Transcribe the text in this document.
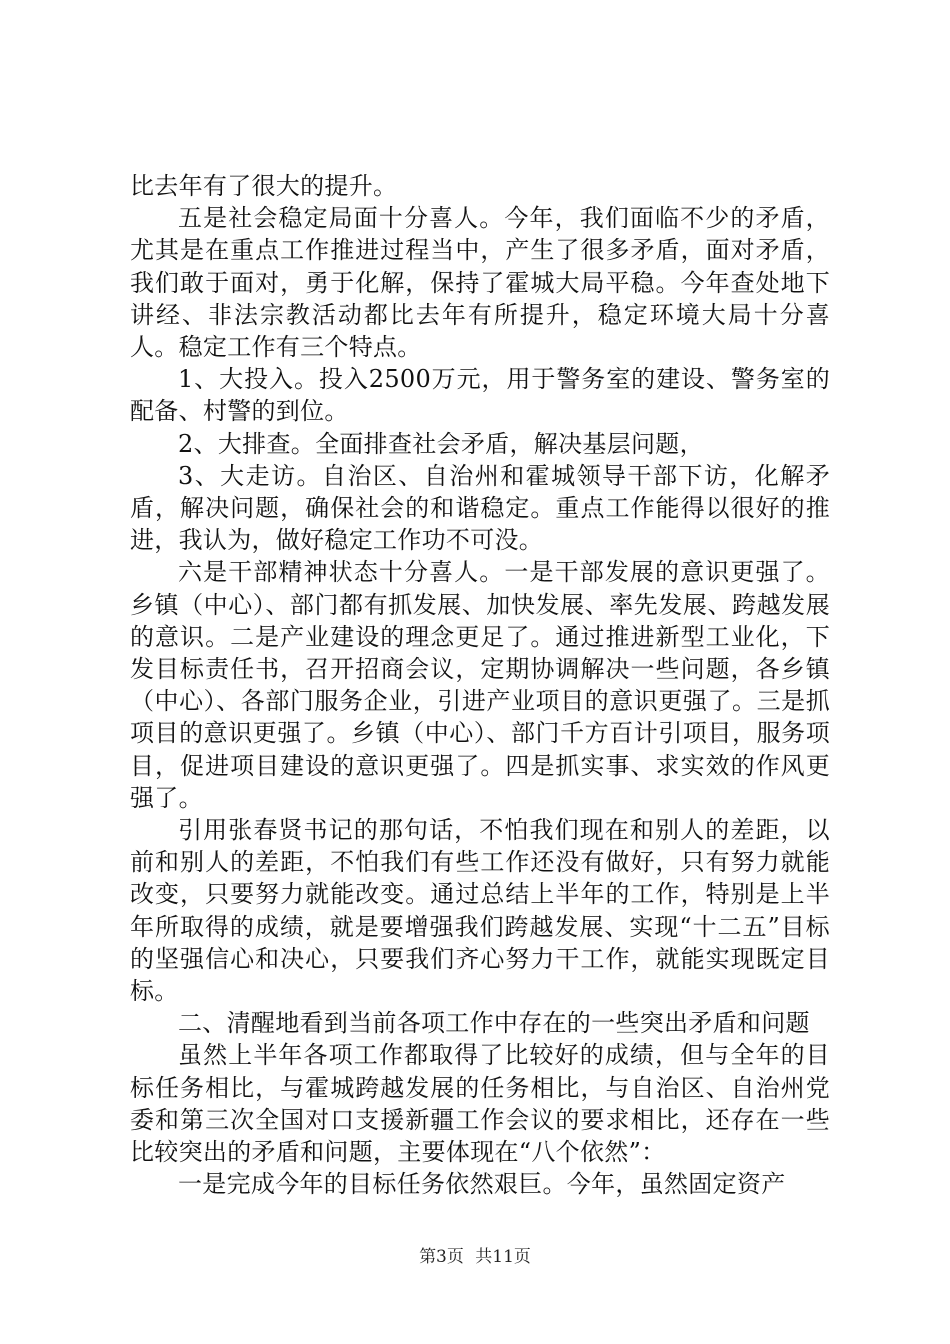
比去年有了很大的提升。

五是社会稳定局面十分喜人。今年，我们面临不少的矛盾，尤其是在重点工作推进过程当中，产生了很多矛盾，面对矛盾，我们敢于面对，勇于化解，保持了霍城大局平稳。今年查处地下讲经、非法宗教活动都比去年有所提升，稳定环境大局十分喜人。稳定工作有三个特点。

1、大投入。投入2500万元，用于警务室的建设、警务室的配备、村警的到位。

2、大排查。全面排查社会矛盾，解决基层问题，

3、大走访。自治区、自治州和霍城领导干部下访，化解矛盾，解决问题，确保社会的和谐稳定。重点工作能得以很好的推进，我认为，做好稳定工作功不可没。

六是干部精神状态十分喜人。一是干部发展的意识更强了。乡镇（中心）、部门都有抓发展、加快发展、率先发展、跨越发展的意识。二是产业建设的理念更足了。通过推进新型工业化，下发目标责任书，召开招商会议，定期协调解决一些问题，各乡镇（中心）、各部门服务企业，引进产业项目的意识更强了。三是抓项目的意识更强了。乡镇（中心）、部门千方百计引项目，服务项目，促进项目建设的意识更强了。四是抓实事、求实效的作风更强了。

引用张春贤书记的那句话，不怕我们现在和别人的差距，以前和别人的差距，不怕我们有些工作还没有做好，只有努力就能改变，只要努力就能改变。通过总结上半年的工作，特别是上半年所取得的成绩，就是要增强我们跨越发展、实现“十二五”目标的坚强信心和决心，只要我们齐心努力干工作，就能实现既定目标。

二、清醒地看到当前各项工作中存在的一些突出矛盾和问题

虽然上半年各项工作都取得了比较好的成绩，但与全年的目标任务相比，与霍城跨越发展的任务相比，与自治区、自治州党委和第三次全国对口支援新疆工作会议的要求相比，还存在一些比较突出的矛盾和问题，主要体现在“八个依然”：

一是完成今年的目标任务依然艰巨。今年，虽然固定资产

第3页 共11页
